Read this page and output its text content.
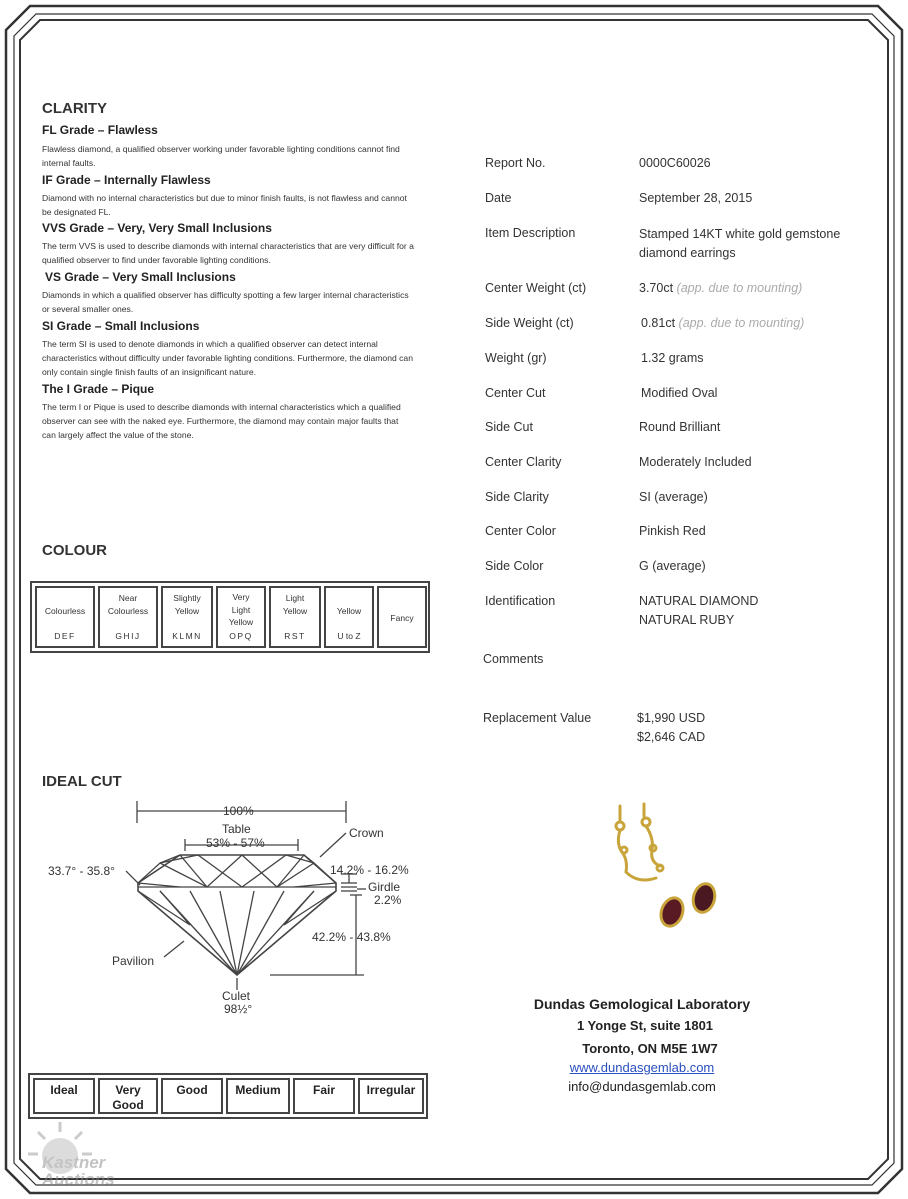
CLARITY
FL Grade – Flawless
Flawless diamond, a qualified observer working under favorable lighting conditions cannot find internal faults.
IF Grade – Internally Flawless
Diamond with no internal characteristics but due to minor finish faults, is not flawless and cannot be designated FL.
VVS Grade – Very, Very Small Inclusions
The term VVS is used to describe diamonds with internal characteristics that are very difficult for a qualified observer to find under favorable lighting conditions.
VS Grade – Very Small Inclusions
Diamonds in which a qualified observer has difficulty spotting a few larger internal characteristics or several smaller ones.
SI Grade – Small Inclusions
The term SI is used to denote diamonds in which a qualified observer can detect internal characteristics without difficulty under favorable lighting conditions. Furthermore, the diamond can only contain single finish faults of an insignificant nature.
The I Grade – Pique
The term I or Pique is used to describe diamonds with internal characteristics which a qualified observer can see with the naked eye. Furthermore, the diamond may contain major faults that can largely affect the value of the stone.
COLOUR
Colourless
DEF
Near Colourless
GHIJ
Slightly Yellow
KLMN
Very Light Yellow
OPQ
Light Yellow
RST
Yellow
U to Z
Fancy
IDEAL CUT
100%
Table
53% - 57%
Crown
33.7° - 35.8°	14.2% - 16.2%
Girdle
2.2%
42.2% - 43.8%
Pavilion
Culet
98½°
Ideal	Very Good
Good	Medium	Fair	Irregular
Report No.	0000C60026
Date	September 28, 2015
Item Description	Stamped 14KT white gold gemstone
diamond earrings
Center Weight (ct)	3.70ct (app. due to mounting)
Side Weight (ct)	0.81ct (app. due to mounting)
Weight (gr)	1.32 grams
Center Cut	Modified Oval
Side Cut	Round Brilliant
Center Clarity	Moderately Included
Side Clarity	SI (average)
Center Color	Pinkish Red
Side Color	G (average)
Identification	NATURAL DIAMOND
NATURAL RUBY
Comments
Replacement Value	$1,990 USD
$2,646 CAD
Dundas Gemological Laboratory
1 Yonge St, suite 1801
Toronto, ON M5E 1W7
www.dundasgemlab.com
info@dundasgemlab.com
Kastner
Auctions
